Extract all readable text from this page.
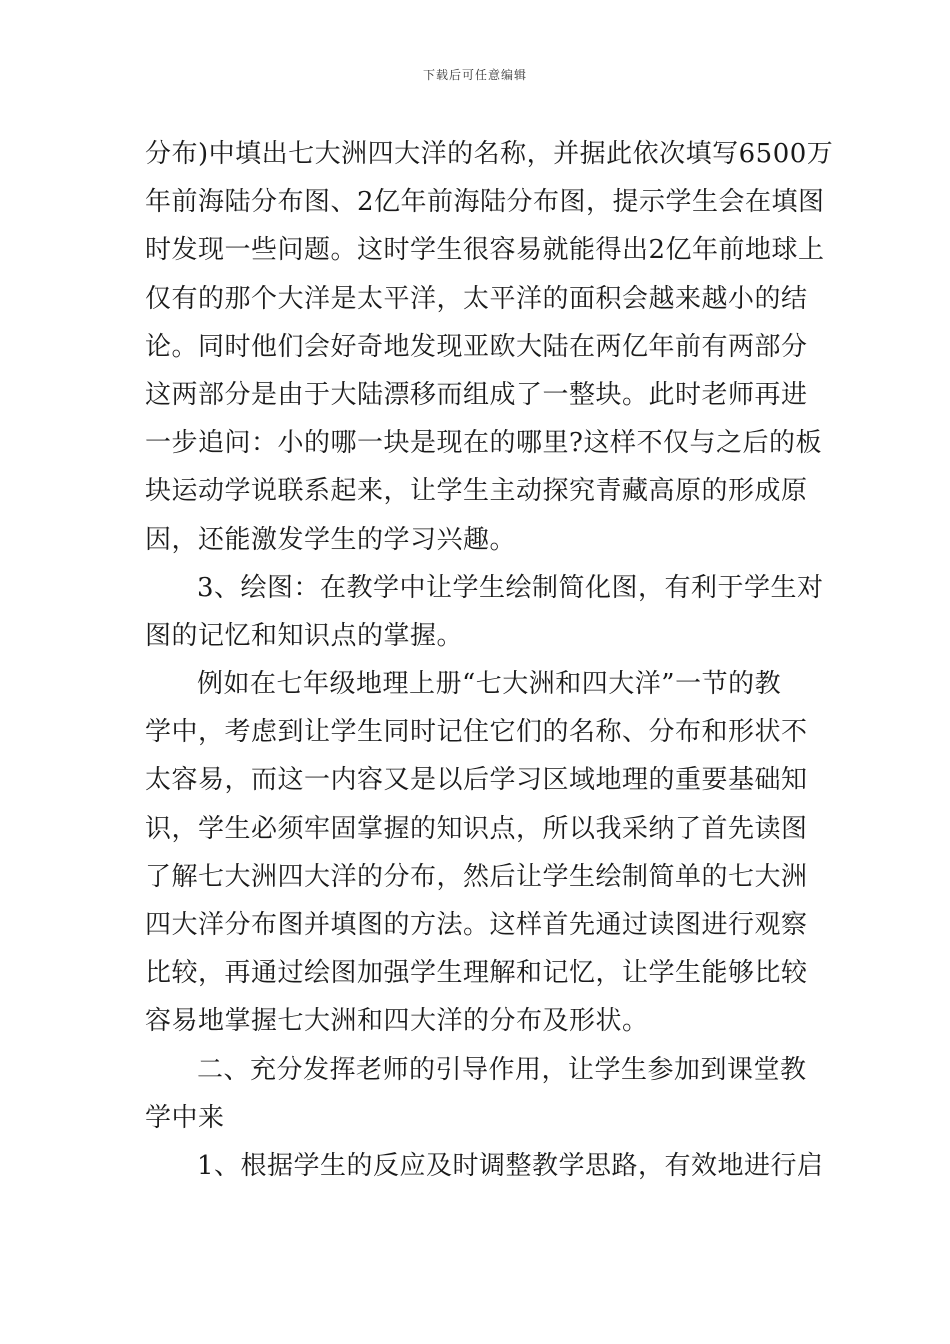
下载后可任意编辑
分布)中填出七大洲四大洋的名称，并据此依次填写6500万
年前海陆分布图、2亿年前海陆分布图，提示学生会在填图
时发现一些问题。这时学生很容易就能得出2亿年前地球上
仅有的那个大洋是太平洋，太平洋的面积会越来越小的结
论。同时他们会好奇地发现亚欧大陆在两亿年前有两部分
这两部分是由于大陆漂移而组成了一整块。此时老师再进
一步追问：小的哪一块是现在的哪里?这样不仅与之后的板
块运动学说联系起来，让学生主动探究青藏高原的形成原
因，还能激发学生的学习兴趣。
3、绘图：在教学中让学生绘制简化图，有利于学生对
图的记忆和知识点的掌握。
例如在七年级地理上册“七大洲和四大洋”一节的教
学中，考虑到让学生同时记住它们的名称、分布和形状不
太容易，而这一内容又是以后学习区域地理的重要基础知
识，学生必须牢固掌握的知识点，所以我采纳了首先读图
了解七大洲四大洋的分布，然后让学生绘制简单的七大洲
四大洋分布图并填图的方法。这样首先通过读图进行观察
比较，再通过绘图加强学生理解和记忆，让学生能够比较
容易地掌握七大洲和四大洋的分布及形状。
二、充分发挥老师的引导作用，让学生参加到课堂教
学中来
1、根据学生的反应及时调整教学思路，有效地进行启
